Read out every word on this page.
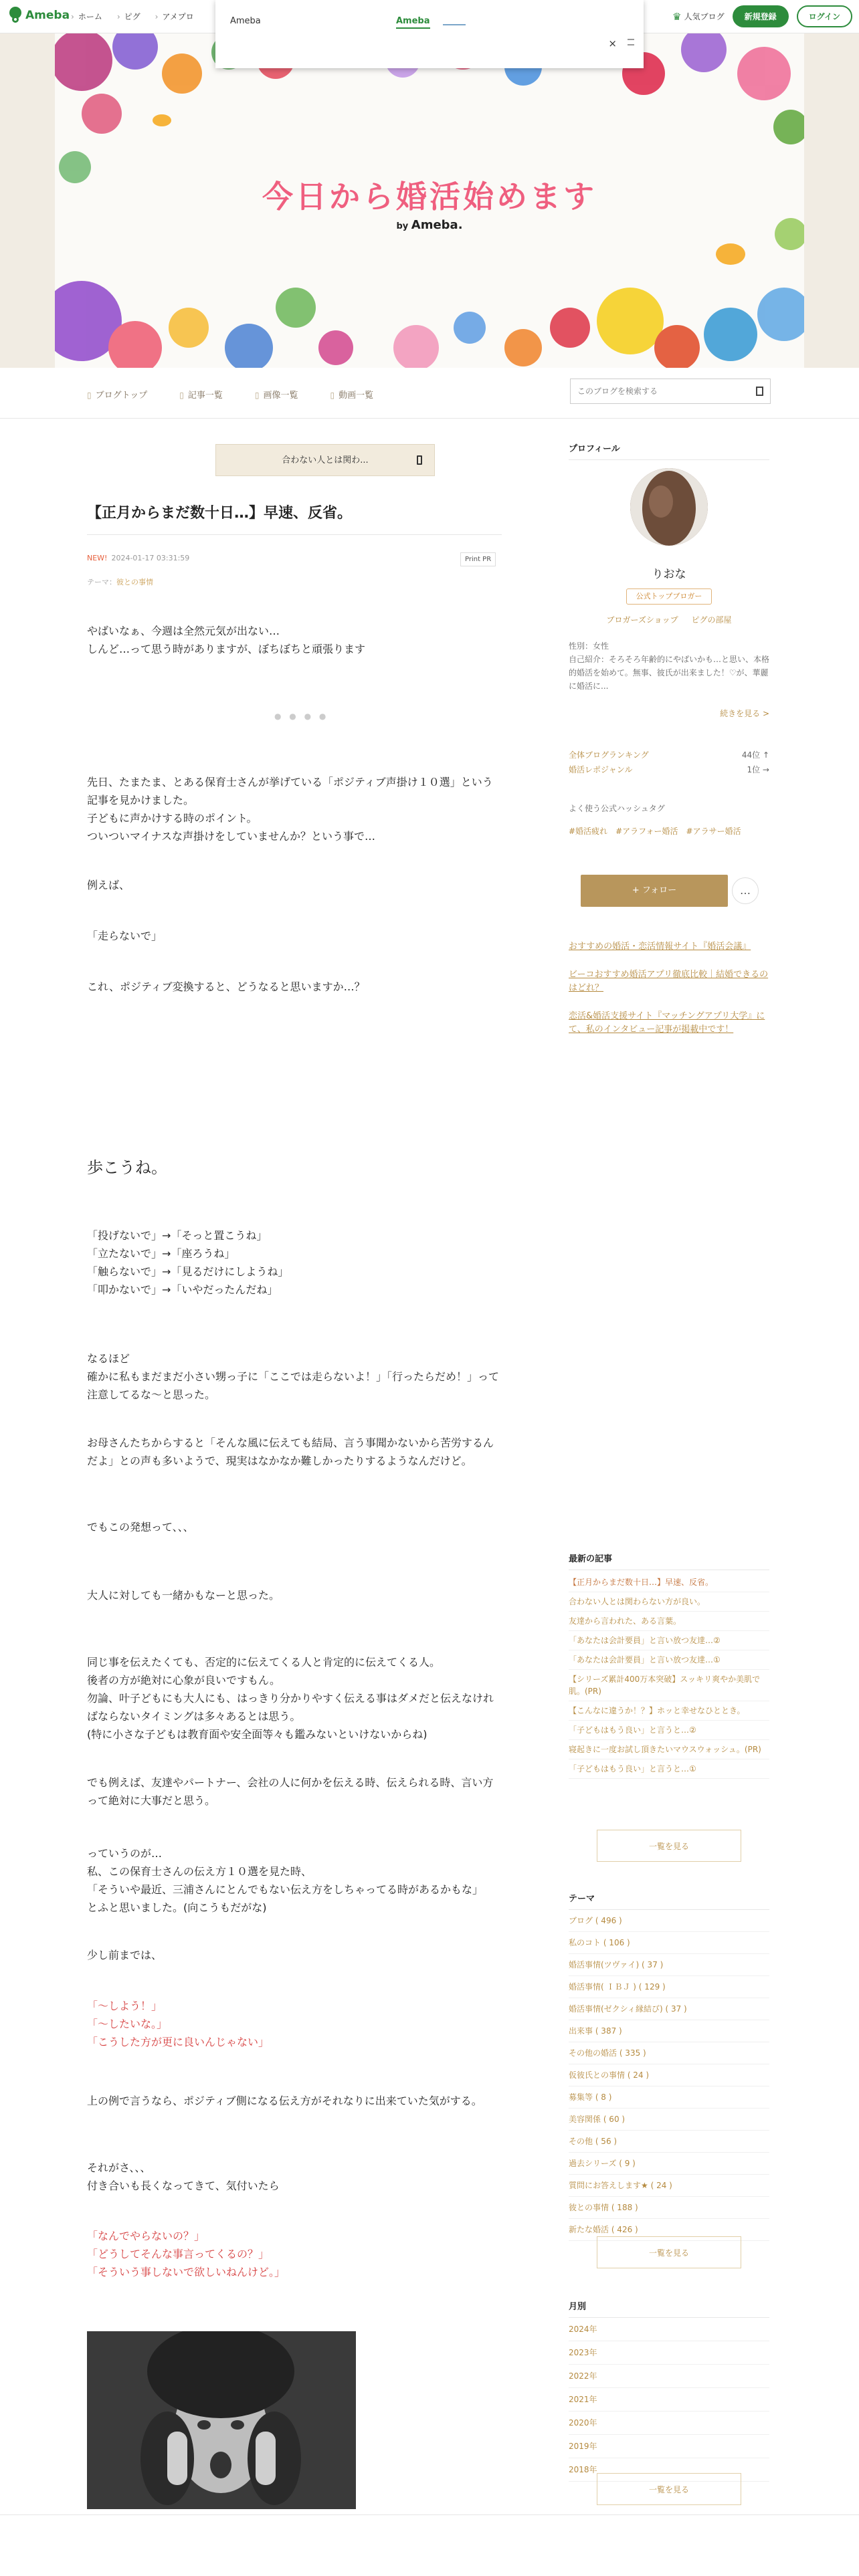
Ameba	› ホーム	› ピグ	› アメプロ	♛ 人気ブログ	新規登録	ログイン
Ameba	Ameba
×
今日から婚活始めます
by Ameba.
▯ ブログトップ	▯ 記事一覧	▯ 画像一覧	▯ 動画一覧
このブログを検索する
合わない人とは関わ...
【正月からまだ数十日…】早速、反省。
NEW! 2024-01-17 03:31:59	Print PR
テーマ：彼との事情
やばいなぁ、今週は全然元気が出ない…
しんど…って思う時がありますが、ぼちぼちと頑張ります
● ● ● ●
先日、たまたま、とある保育士さんが挙げている「ポジティブ声掛け１０選」という記事を見かけました。
子どもに声かけする時のポイント。
ついついマイナスな声掛けをしていませんか？という事で…
例えば、
「走らないで」
これ、ポジティブ変換すると、どうなると思いますか…？
歩こうね。
「投げないで」→「そっと置こうね」
「立たないで」→「座ろうね」
「触らないで」→「見るだけにしようね」
「叩かないで」→「いやだったんだね」
なるほど
確かに私もまだまだ小さい甥っ子に「ここでは走らないよ！」「行ったらだめ！」って注意してるな〜と思った。
お母さんたちからすると「そんな風に伝えても結局、言う事聞かないから苦労するんだよ」との声も多いようで、現実はなかなか難しかったりするようなんだけど。
でもこの発想って、、、
大人に対しても一緒かもなーと思った。
同じ事を伝えたくても、否定的に伝えてくる人と肯定的に伝えてくる人。
後者の方が絶対に心象が良いですもん。
勿論、叶子どもにも大人にも、はっきり分かりやすく伝える事はダメだと伝えなければならないタイミングは多々あるとは思う。
(特に小さな子どもは教育面や安全面等々も鑑みないといけないからね)
でも例えば、友達やパートナー、会社の人に何かを伝える時、伝えられる時、言い方って絶対に大事だと思う。
っていうのが…
私、この保育士さんの伝え方１０選を見た時、
「そういや最近、三浦さんにとんでもない伝え方をしちゃってる時があるかもな」
とふと思いました。(向こうもだがな)
少し前までは、
「〜しよう！」
「〜したいな。」
「こうした方が更に良いんじゃない」
上の例で言うなら、ポジティブ側になる伝え方がそれなりに出来ていた気がする。
それがさ、、、
付き合いも長くなってきて、気付いたら
「なんでやらないの？」
「どうしてそんな事言ってくるの？」
「そういう事しないで欲しいねんけど。」
プロフィール
りおな
公式トップブロガー
ブロガーズショップ ピグの部屋
性別：女性
自己紹介：そろそろ年齢的にやばいかも…と思い、本格的婚活を始めて。無事、彼氏が出来ました！♡が、華麗に婚活に...
続きを見る >
全体ブログランキング	44位 ↑
婚活レポジャンル	1位 →
よく使う公式ハッシュタグ
#婚活疲れ #アラフォー婚活 #アラサー婚活
+ フォロー	…
おすすめの婚活・恋活情報サイト『婚活会議』
ビーコおすすめ婚活アプリ徹底比較｜結婚できるのはどれ？
恋活&婚活支援サイト『マッチングアプリ大学』にて、私のインタビュー記事が掲載中です！
最新の記事
【正月からまだ数十日…】早速、反省。
合わない人とは関わらない方が良い。
友達から言われた、ある言葉。
「あなたは会計要員」と言い放つ友達…②
「あなたは会計要員」と言い放つ友達…①
【シリーズ累計400万本突破】スッキリ爽やか美肌で肌。(PR)
【こんなに違うか！？】ホッと幸せなひととき。
「子どもはもう良い」と言うと…②
寝起きに一度お試し頂きたいマウスウォッシュ。(PR)
「子どもはもう良い」と言うと…①
一覧を見る
テーマ
ブログ ( 496 )
私のコト ( 106 )
婚活事情(ツヴァイ) ( 37 )
婚活事情( ＩＢＪ ) ( 129 )
婚活事情(ゼクシィ縁結び) ( 37 )
出来事 ( 387 )
その他の婚活 ( 335 )
仮彼氏との事情 ( 24 )
募集等 ( 8 )
美容関係 ( 60 )
その他 ( 56 )
過去シリーズ ( 9 )
質問にお答えします★ ( 24 )
彼との事情 ( 188 )
新たな婚活 ( 426 )
一覧を見る
月別
2024年
2023年
2022年
2021年
2020年
2019年
2018年
一覧を見る
